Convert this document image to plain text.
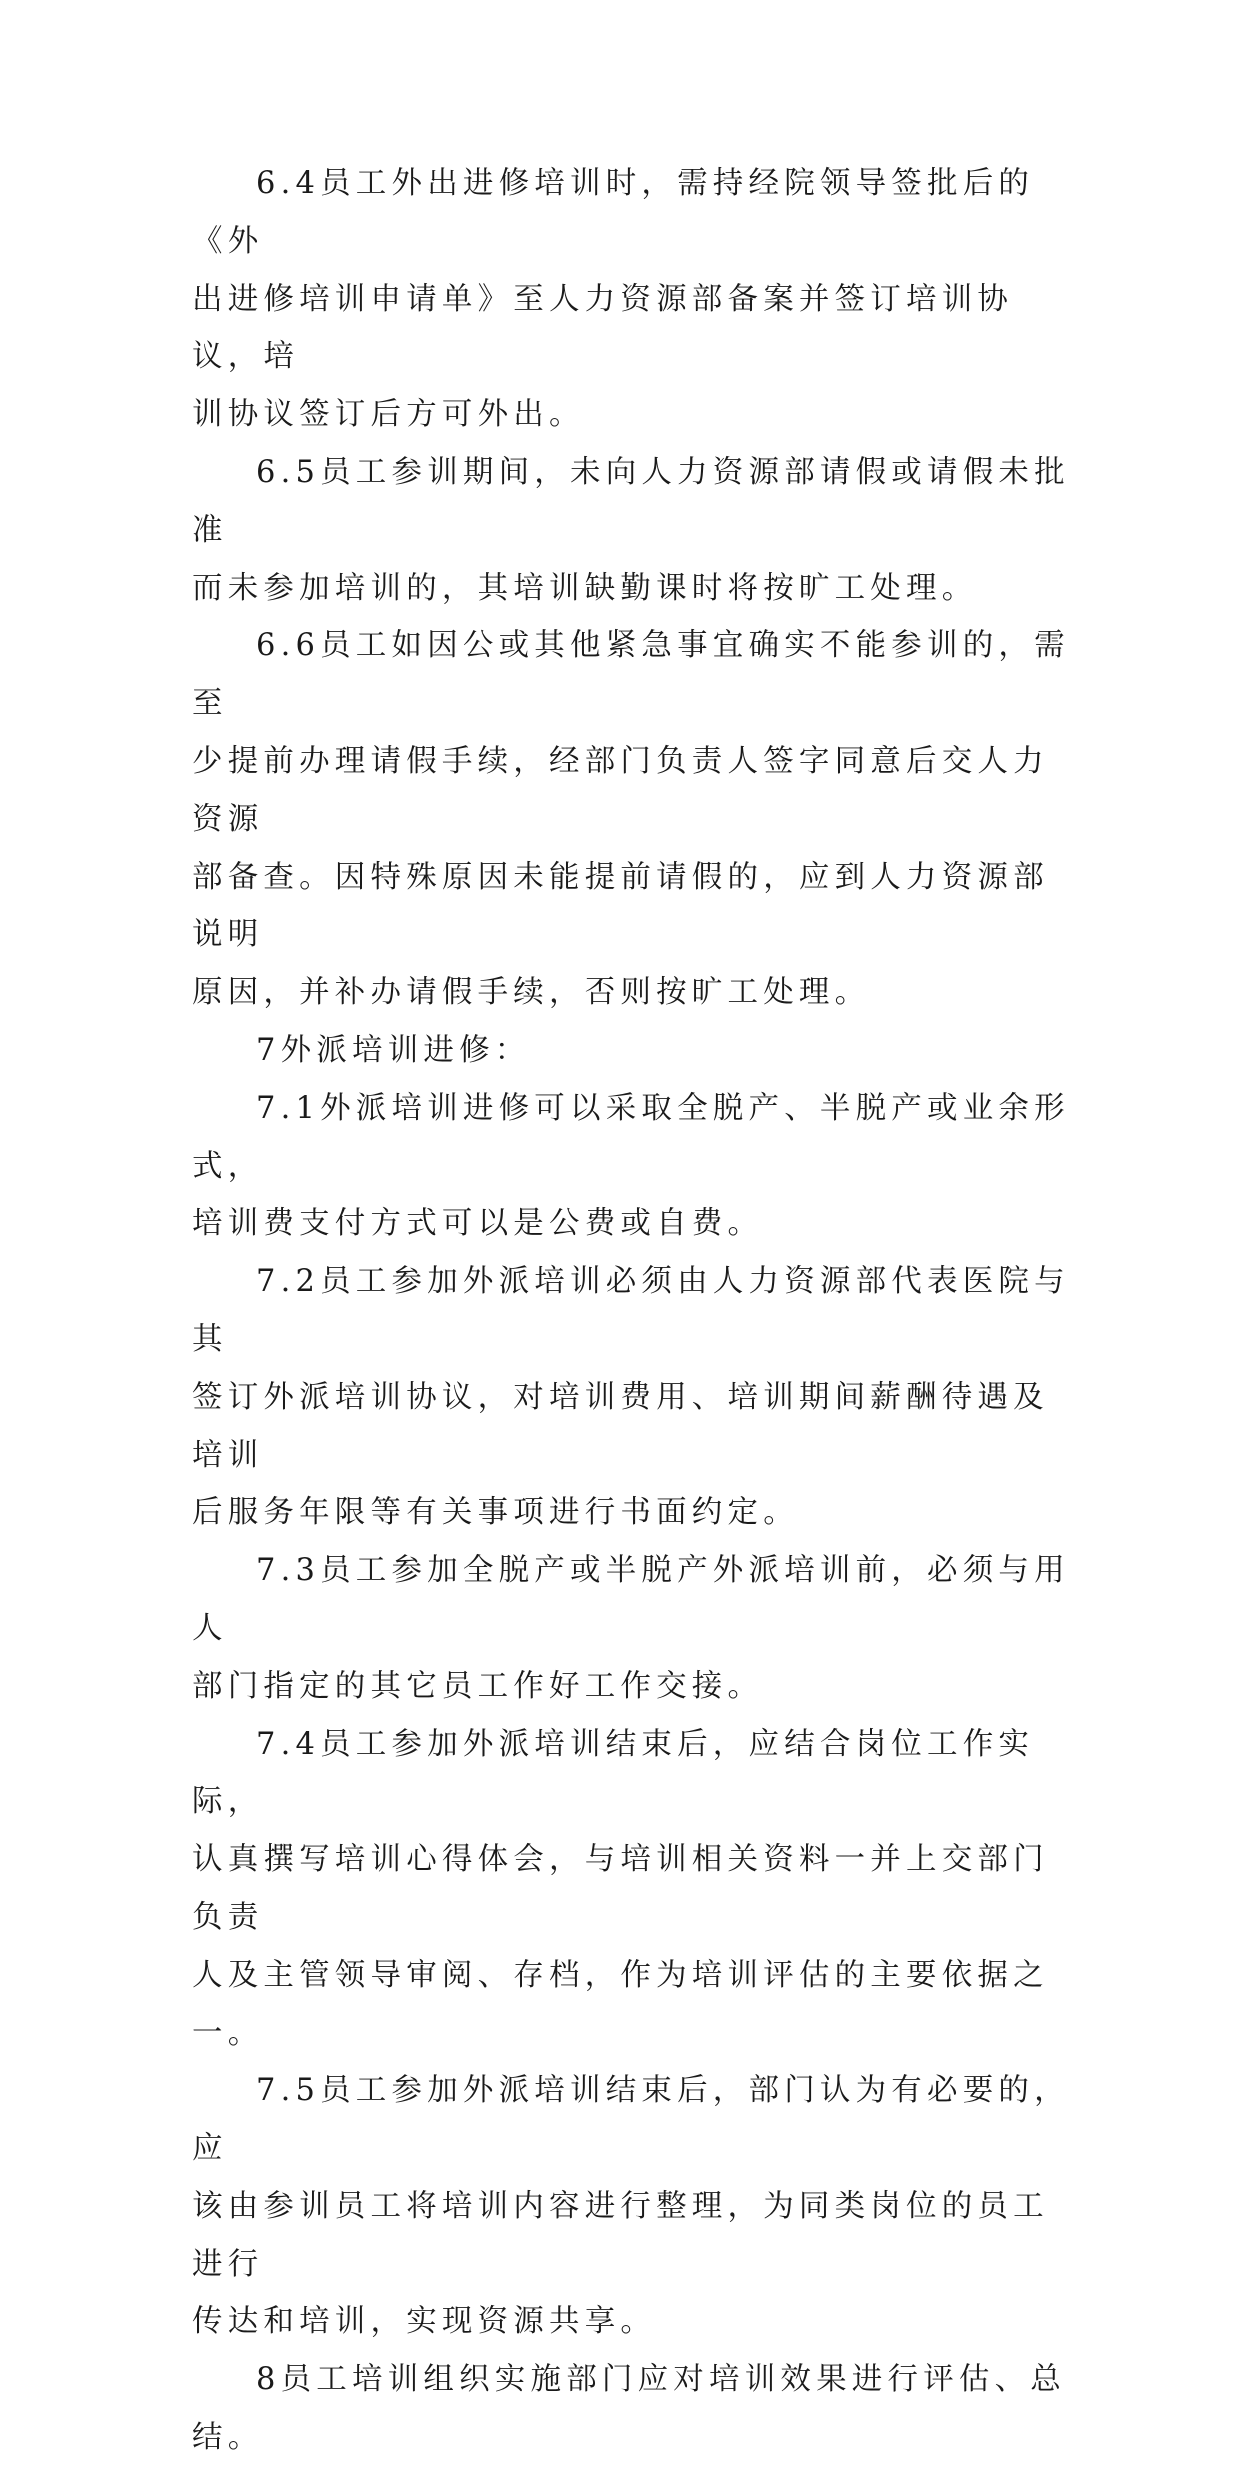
6.4员工外出进修培训时，需持经院领导签批后的《外
出进修培训申请单》至人力资源部备案并签订培训协议，培
训协议签订后方可外出。

6.5员工参训期间，未向人力资源部请假或请假未批准
而未参加培训的，其培训缺勤课时将按旷工处理。

6.6员工如因公或其他紧急事宜确实不能参训的，需至
少提前办理请假手续，经部门负责人签字同意后交人力资源
部备查。因特殊原因未能提前请假的，应到人力资源部说明
原因，并补办请假手续，否则按旷工处理。

7外派培训进修：

7.1外派培训进修可以采取全脱产、半脱产或业余形式，
培训费支付方式可以是公费或自费。

7.2员工参加外派培训必须由人力资源部代表医院与其
签订外派培训协议，对培训费用、培训期间薪酬待遇及培训
后服务年限等有关事项进行书面约定。

7.3员工参加全脱产或半脱产外派培训前，必须与用人
部门指定的其它员工作好工作交接。

7.4员工参加外派培训结束后，应结合岗位工作实际，
认真撰写培训心得体会，与培训相关资料一并上交部门负责
人及主管领导审阅、存档，作为培训评估的主要依据之一。

7.5员工参加外派培训结束后，部门认为有必要的，应
该由参训员工将培训内容进行整理，为同类岗位的员工进行
传达和培训，实现资源共享。

8员工培训组织实施部门应对培训效果进行评估、总结。
